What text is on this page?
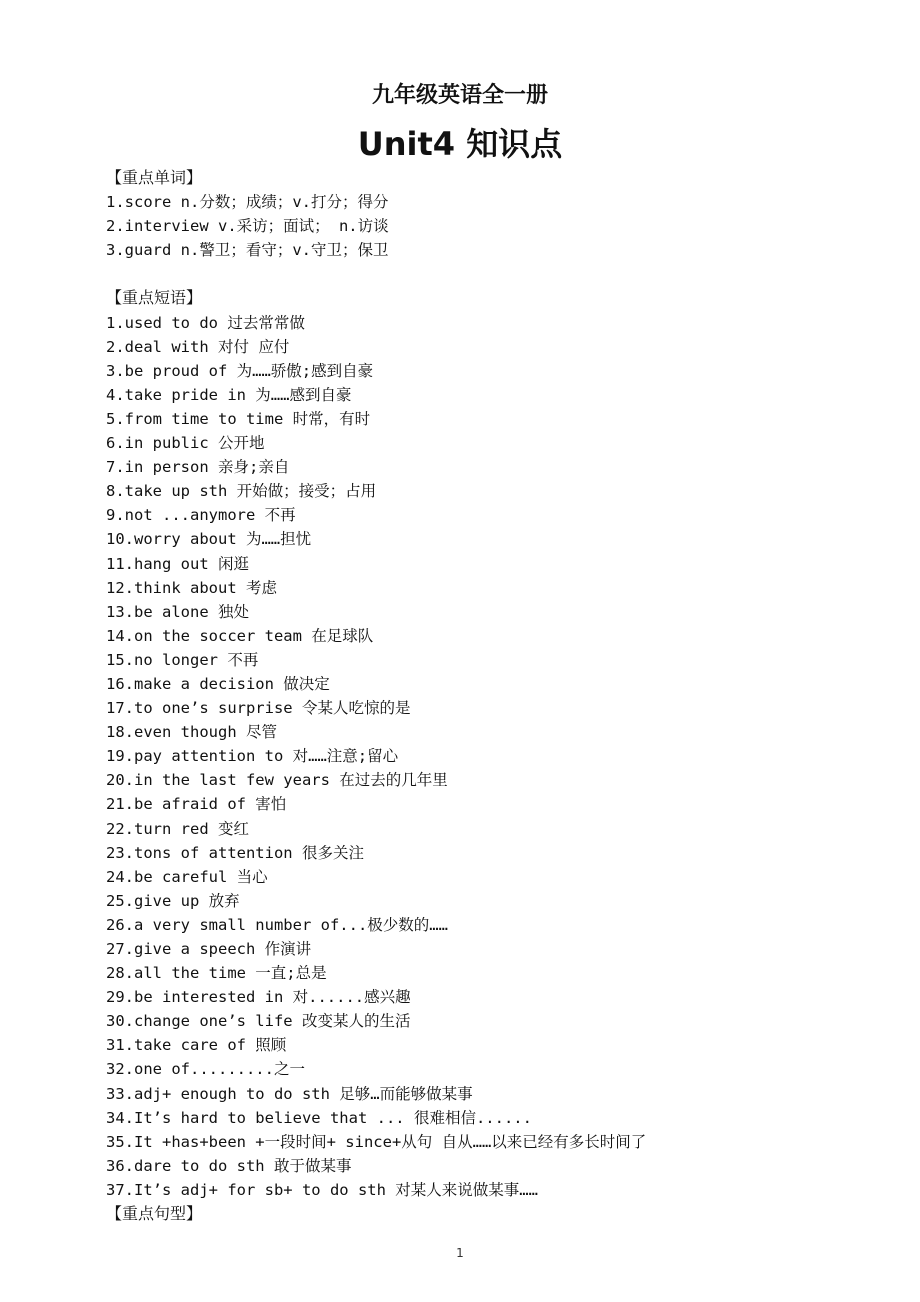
九年级英语全一册
Unit4 知识点
【重点单词】
1.score n.分数；成绩；v.打分；得分
2.interview v.采访；面试； n.访谈
3.guard n.警卫；看守；v.守卫；保卫
【重点短语】
1.used to do 过去常常做
2.deal with 对付 应付
3.be proud of 为……骄傲;感到自豪
4.take pride in 为……感到自豪
5.from time to time 时常，有时
6.in public 公开地
7.in person 亲身;亲自
8.take up sth 开始做；接受；占用
9.not ...anymore 不再
10.worry about 为……担忧
11.hang out 闲逛
12.think about 考虑
13.be alone 独处
14.on the soccer team 在足球队
15.no longer 不再
16.make a decision 做决定
17.to one’s surprise 令某人吃惊的是
18.even though 尽管
19.pay attention to 对……注意;留心
20.in the last few years 在过去的几年里
21.be afraid of 害怕
22.turn red 变红
23.tons of attention 很多关注
24.be careful 当心
25.give up 放弃
26.a very small number of...极少数的……
27.give a speech 作演讲
28.all the time 一直;总是
29.be interested in 对......感兴趣
30.change one’s life 改变某人的生活
31.take care of 照顾
32.one of.........之一
33.adj+ enough to do sth 足够…而能够做某事
34.It’s hard to believe that ... 很难相信......
35.It +has+been +一段时间+ since+从句 自从……以来已经有多长时间了
36.dare to do sth 敢于做某事
37.It’s adj+ for sb+ to do sth 对某人来说做某事……
【重点句型】
1
